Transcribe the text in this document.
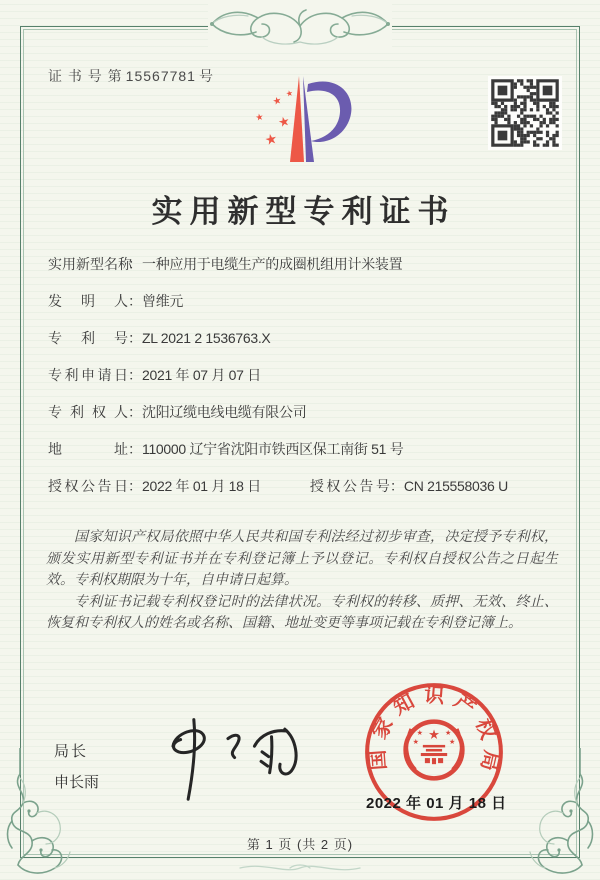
证 书 号 第 15567781 号
★
★
★ ★
★
实用新型专利证书
实用新型名称：一种应用于电缆生产的成圈机组用计米装置
发明人：曾维元
专利号：ZL 2021 2 1536763.X
专利申请日：2021 年 07 月 07 日
专利权人：沈阳辽缆电线电缆有限公司
地址：110000 辽宁省沈阳市铁西区保工南街 51 号
授权公告日：2022 年 01 月 18 日	授权公告号：CN 215558036 U

国家知识产权局依照中华人民共和国专利法经过初步审查，决定授予专利权，颁发实用新型专利证书并在专利登记簿上予以登记。专利权自授权公告之日起生效。专利权期限为十年，自申请日起算。

专利证书记载专利权登记时的法律状况。专利权的转移、质押、无效、终止、恢复和专利权人的姓名或名称、国籍、地址变更等事项记载在专利登记簿上。

局长
申长雨
国家知识产权局
★
★	★
★	★
2022 年 01 月 18 日
第 1 页 (共 2 页)
